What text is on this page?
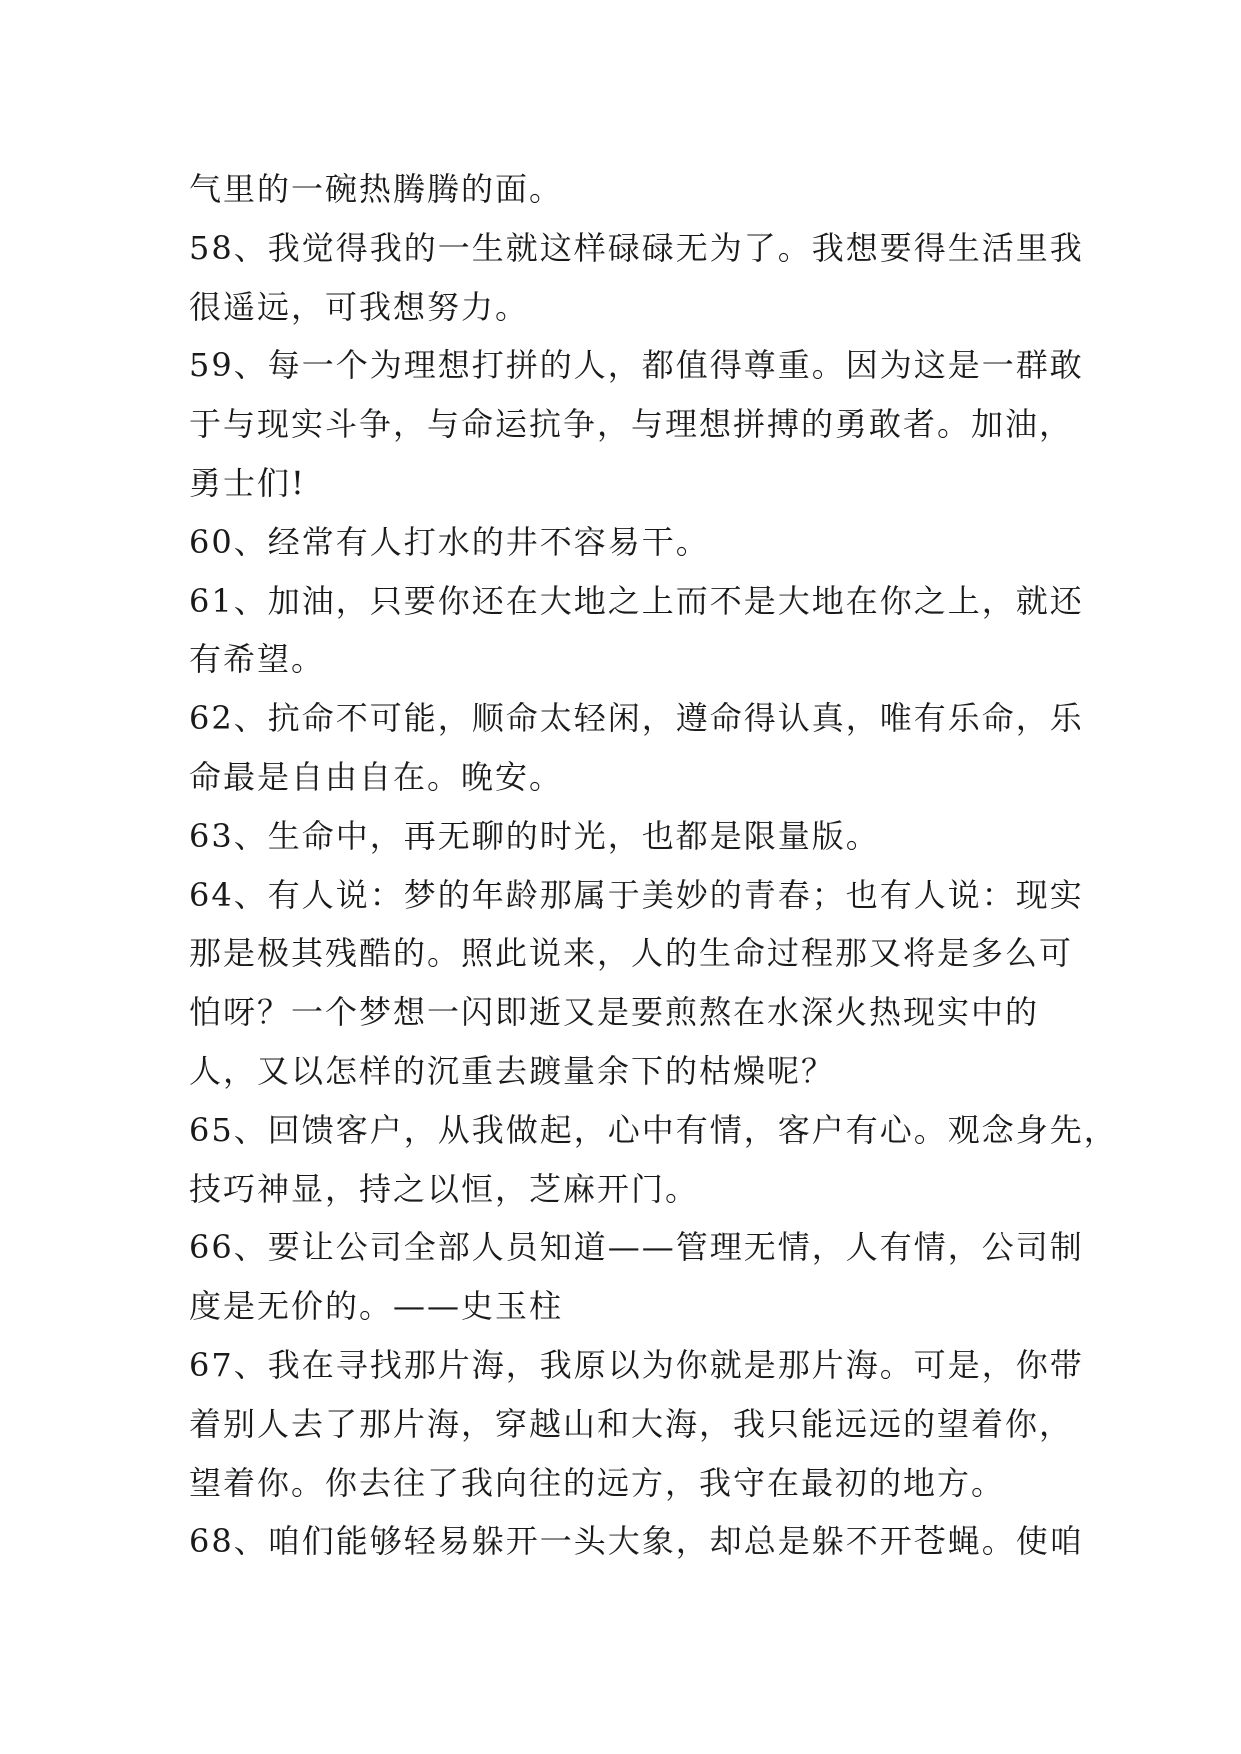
气里的一碗热腾腾的面。
58、我觉得我的一生就这样碌碌无为了。我想要得生活里我
很遥远，可我想努力。
59、每一个为理想打拼的人，都值得尊重。因为这是一群敢
于与现实斗争，与命运抗争，与理想拼搏的勇敢者。加油，
勇士们!
60、经常有人打水的井不容易干。
61、加油，只要你还在大地之上而不是大地在你之上，就还
有希望。
62、抗命不可能，顺命太轻闲，遵命得认真，唯有乐命，乐
命最是自由自在。晚安。
63、生命中，再无聊的时光，也都是限量版。
64、有人说：梦的年龄那属于美妙的青春；也有人说：现实
那是极其残酷的。照此说来，人的生命过程那又将是多么可
怕呀？一个梦想一闪即逝又是要煎熬在水深火热现实中的
人，又以怎样的沉重去踱量余下的枯燥呢？
65、回馈客户，从我做起，心中有情，客户有心。观念身先，
技巧神显，持之以恒，芝麻开门。
66、要让公司全部人员知道——管理无情，人有情，公司制
度是无价的。——史玉柱
67、我在寻找那片海，我原以为你就是那片海。可是，你带
着别人去了那片海，穿越山和大海，我只能远远的望着你，
望着你。你去往了我向往的远方，我守在最初的地方。
68、咱们能够轻易躲开一头大象，却总是躲不开苍蝇。使咱
